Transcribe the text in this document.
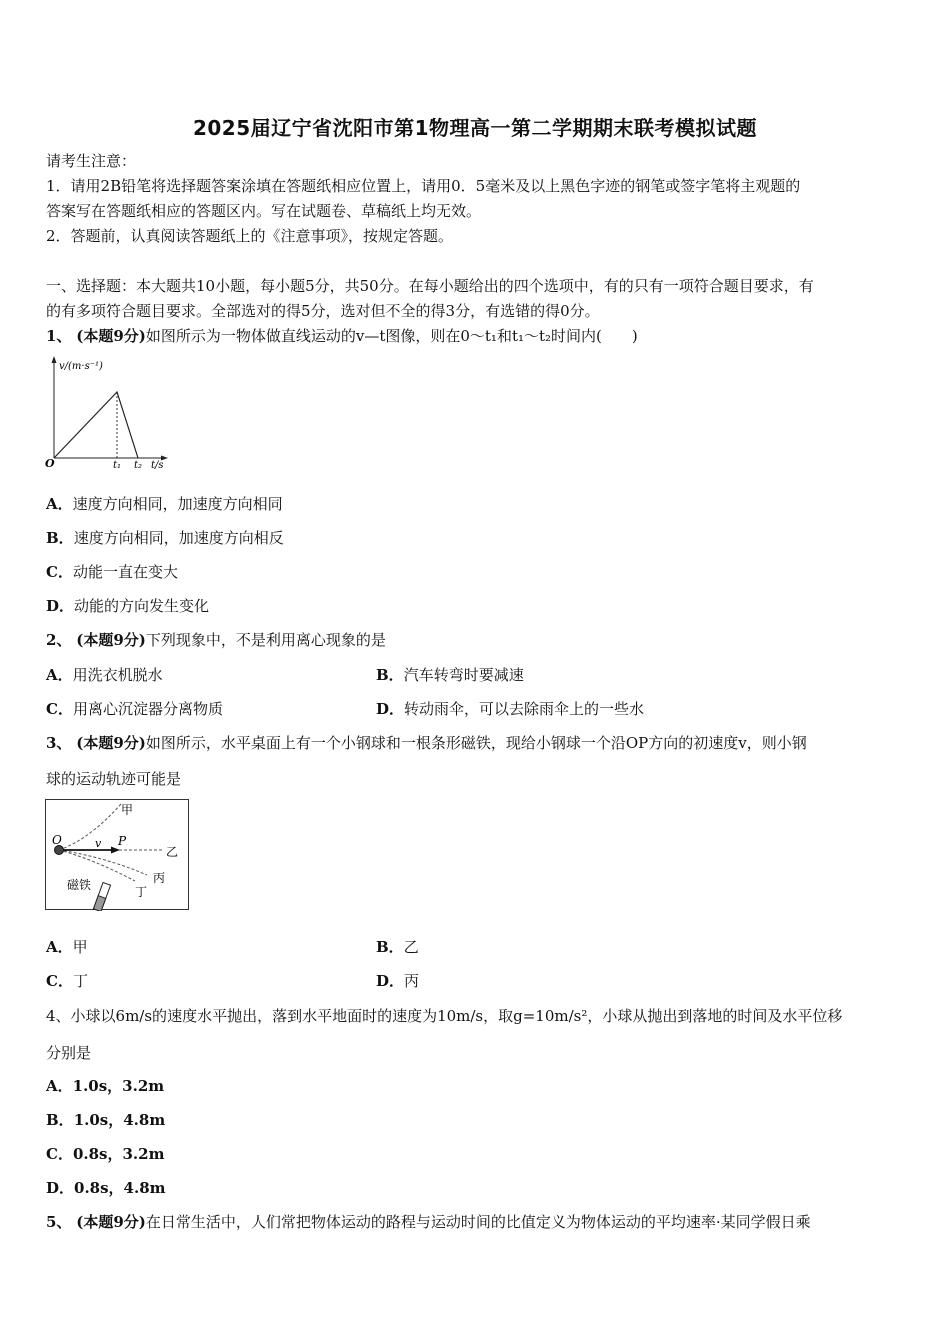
2025届辽宁省沈阳市第1物理高一第二学期期末联考模拟试题
请考生注意：
1．请用2B铅笔将选择题答案涂填在答题纸相应位置上，请用0．5毫米及以上黑色字迹的钢笔或签字笔将主观题的
答案写在答题纸相应的答题区内。写在试题卷、草稿纸上均无效。
2．答题前，认真阅读答题纸上的《注意事项》，按规定答题。
一、选择题：本大题共10小题，每小题5分，共50分。在每小题给出的四个选项中，有的只有一项符合题目要求，有
的有多项符合题目要求。全部选对的得5分，选对但不全的得3分，有选错的得0分。
1、 (本题9分)如图所示为一物体做直线运动的v—t图像，则在0～t₁和t₁～t₂时间内(　　)
v/(m·s⁻¹)
O	t₁ t₂ t/s
A．速度方向相同，加速度方向相同
B．速度方向相同，加速度方向相反
C．动能一直在变大
D．动能的方向发生变化
2、 (本题9分)下列现象中，不是利用离心现象的是
A．用洗衣机脱水	B．汽车转弯时要减速
C．用离心沉淀器分离物质	D．转动雨伞，可以去除雨伞上的一些水
3、 (本题9分)如图所示，水平桌面上有一个小钢球和一根条形磁铁，现给小钢球一个沿OP方向的初速度v，则小钢
球的运动轨迹可能是
O	v P
甲
乙
丙
丁
磁铁
A．甲	B．乙
C．丁	D．丙
4、小球以6m/s的速度水平抛出，落到水平地面时的速度为10m/s，取g=10m/s²，小球从抛出到落地的时间及水平位移
分别是
A．1.0s，3.2m
B．1.0s，4.8m
C．0.8s，3.2m
D．0.8s，4.8m
5、 (本题9分)在日常生活中，人们常把物体运动的路程与运动时间的比值定义为物体运动的平均速率·某同学假日乘
